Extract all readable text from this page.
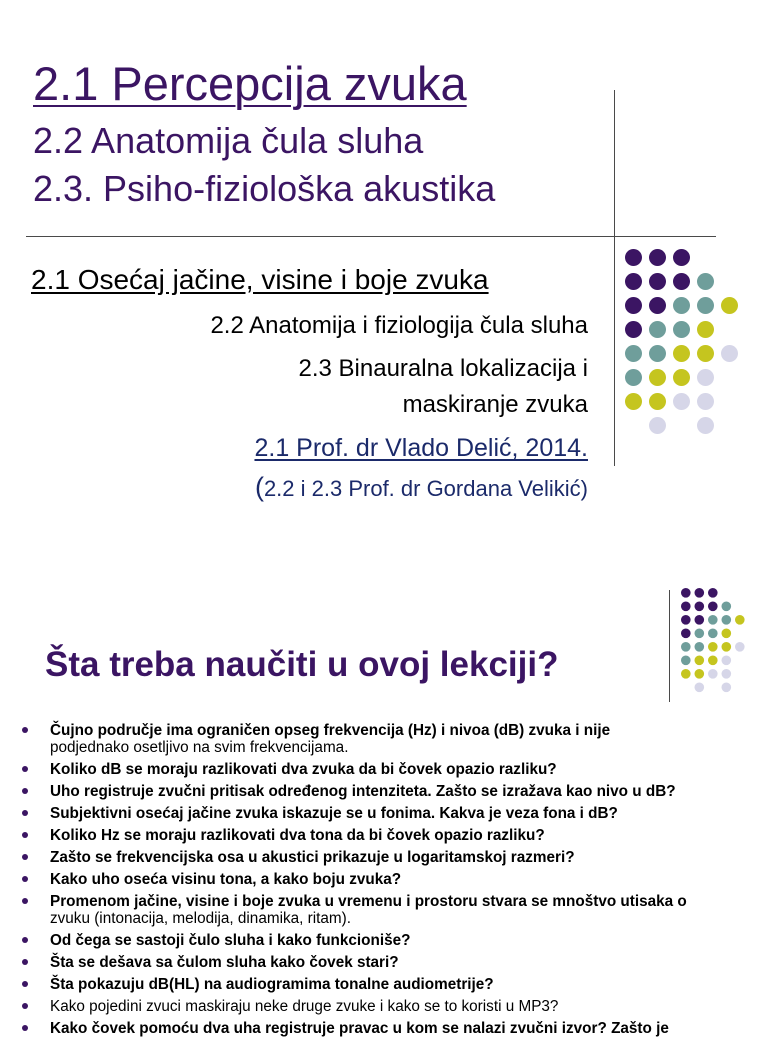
2.1 Percepcija zvuka

2.2 Anatomija čula sluha

2.3. Psiho-fiziološka akustika

2.1 Osećaj jačine, visine i boje zvuka

2.2 Anatomija i fiziologija čula sluha

2.3 Binauralna lokalizacija i

maskiranje zvuka

2.1 Prof. dr Vlado Delić, 2014.

(2.2 i 2.3 Prof. dr Gordana Velikić)

Šta treba naučiti u ovoj lekciji?

Čujno područje ima ograničen opseg frekvencija (Hz) i nivoa (dB) zvuka i nije
podjednako osetljivo na svim frekvencijama.
Koliko dB se moraju razlikovati dva zvuka da bi čovek opazio razliku?
Uho registruje zvučni pritisak određenog intenziteta. Zašto se izražava kao nivo u dB?
Subjektivni osećaj jačine zvuka iskazuje se u fonima. Kakva je veza fona i dB?
Koliko Hz se moraju razlikovati dva tona da bi čovek opazio razliku?
Zašto se frekvencijska osa u akustici prikazuje u logaritamskoj razmeri?
Kako uho oseća visinu tona, a kako boju zvuka?
Promenom jačine, visine i boje zvuka u vremenu i prostoru stvara se mnoštvo utisaka o
zvuku (intonacija, melodija, dinamika, ritam).
Od čega se sastoji čulo sluha i kako funkcioniše?
Šta se dešava sa čulom sluha kako čovek stari?
Šta pokazuju dB(HL) na audiogramima tonalne audiometrije?
Kako pojedini zvuci maskiraju neke druge zvuke i kako se to koristi u MP3?
Kako čovek pomoću dva uha registruje pravac u kom se nalazi zvučni izvor? Zašto je
